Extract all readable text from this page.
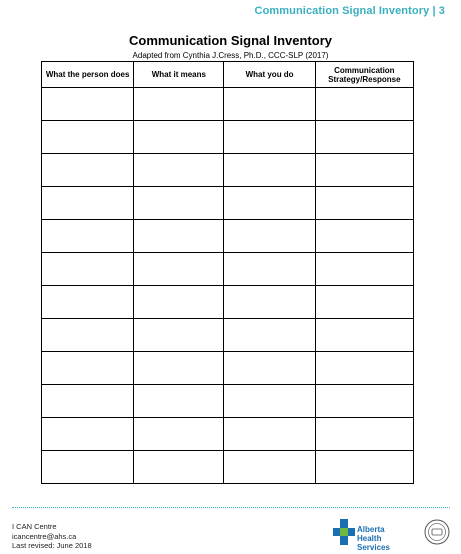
Communication Signal Inventory | 3
Communication Signal Inventory
Adapted from Cynthia J.Cress, Ph.D., CCC-SLP (2017)
What the person does	What it means	What you do	Communication Strategy/Response

I CAN Centre
icancentre@ahs.ca
Last revised: June 2018
Alberta Health
Services
